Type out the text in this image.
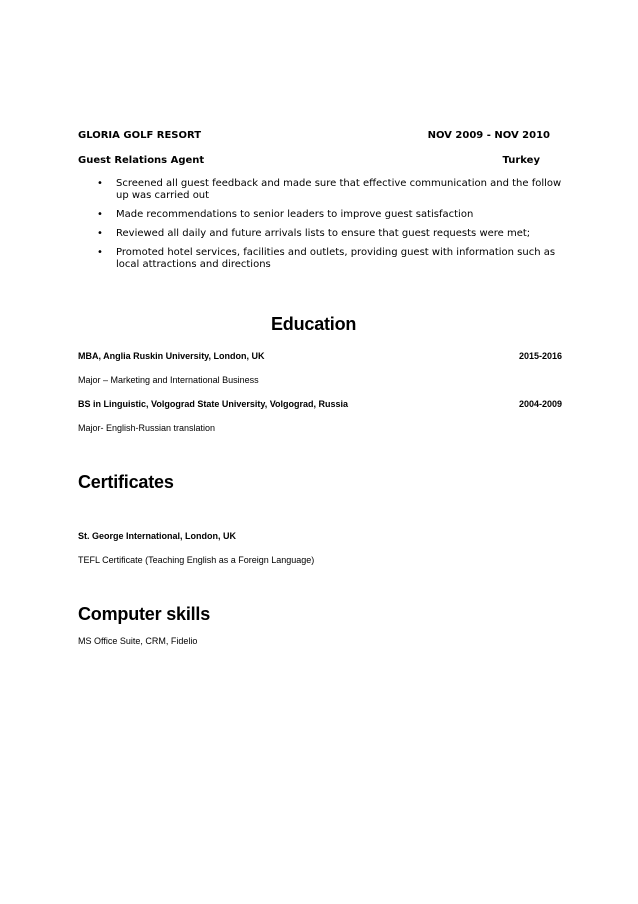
GLORIA GOLF RESORT	NOV 2009 - NOV 2010
Guest Relations Agent	Turkey
• Screened all guest feedback and made sure that effective communication and the follow up was carried out
• Made recommendations to senior leaders to improve guest satisfaction
• Reviewed all daily and future arrivals lists to ensure that guest requests were met;
• Promoted hotel services, facilities and outlets, providing guest with information such as local attractions and directions
Education
MBA, Anglia Ruskin University, London, UK	2015-2016
Major – Marketing and International Business
BS in Linguistic, Volgograd State University, Volgograd, Russia	2004-2009
Major- English-Russian translation
Certificates
St. George International, London, UK
TEFL Certificate (Teaching English as a Foreign Language)
Computer skills
MS Office Suite, CRM, Fidelio
